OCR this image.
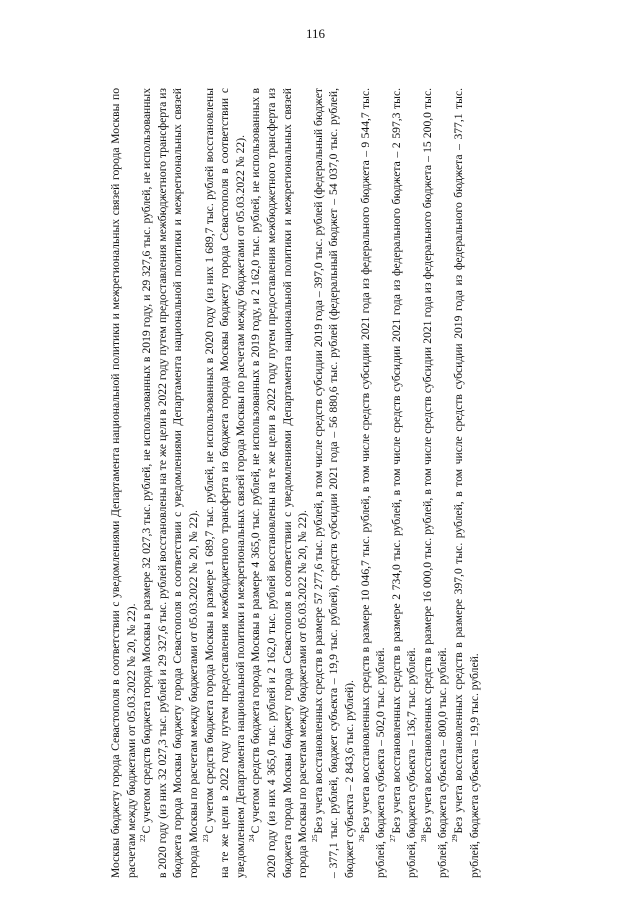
116

Москвы бюджету города Севастополя в соответствии с уведомлениями Департамента национальной политики и межрегиональных связей города Москвы по расчетам между бюджетами от 05.03.2022 № 20, № 22). $^{22}$С учетом средств бюджета города Москвы в размере 32 027,3 тыс. рублей, не использованных в 2019 году, и 29 327,6 тыс. рублей, не использованных в 2020 году (из них 32 027,3 тыс. рублей и 29 327,6 тыс. рублей восстановлены на те же цели в 2022 году путем предоставления межбюджетного трансферта из бюджета города Москвы бюджету города Севастополя в соответствии с уведомлениями Департамента национальной политики и межрегиональных связей города Москвы по расчетам между бюджетами от 05.03.2022 № 20, № 22). $^{23}$С учетом средств бюджета города Москвы в размере 1 689,7 тыс. рублей, не использованных в 2020 году (из них 1 689,7 тыс. рублей восстановлены на те же цели в 2022 году путем предоставления межбюджетного трансферта из бюджета города Москвы бюджету города Севастополя в соответствии с уведомлением Департамента национальной политики и межрегиональных связей города Москвы по расчетам между бюджетами от 05.03.2022 № 22). $^{24}$С учетом средств бюджета города Москвы в размере 4 365,0 тыс. рублей, не использованных в 2019 году, и 2 162,0 тыс. рублей, не использованных в 2020 году (из них 4 365,0 тыс. рублей и 2 162,0 тыс. рублей восстановлены на те же цели в 2022 году путем предоставления межбюджетного трансферта из бюджета города Москвы бюджету города Севастополя в соответствии с уведомлениями Департамента национальной политики и межрегиональных связей города Москвы по расчетам между бюджетами от 05.03.2022 № 20, № 22). $^{25}$Без учета восстановленных средств в размере 57 277,6 тыс. рублей, в том числе средств субсидии 2019 года – 397,0 тыс. рублей (федеральный бюджет – 377,1 тыс. рублей, бюджет субъекта – 19,9 тыс. рублей), средств субсидии 2021 года – 56 880,6 тыс. рублей (федеральный бюджет – 54 037,0 тыс. рублей, бюджет субъекта – 2 843,6 тыс. рублей). $^{26}$Без учета восстановленных средств в размере 10 046,7 тыс. рублей, в том числе средств субсидии 2021 года из федерального бюджета – 9 544,7 тыс. рублей, бюджета субъекта – 502,0 тыс. рублей. $^{27}$Без учета восстановленных средств в размере 2 734,0 тыс. рублей, в том числе средств субсидии 2021 года из федерального бюджета – 2 597,3 тыс. рублей, бюджета субъекта – 136,7 тыс. рублей. $^{28}$Без учета восстановленных средств в размере 16 000,0 тыс. рублей, в том числе средств субсидии 2021 года из федерального бюджета – 15 200,0 тыс. рублей, бюджета субъекта – 800,0 тыс. рублей. $^{29}$Без учета восстановленных средств в размере 397,0 тыс. рублей, в том числе средств субсидии 2019 года из федерального бюджета – 377,1 тыс. рублей, бюджета субъекта – 19,9 тыс. рублей.
